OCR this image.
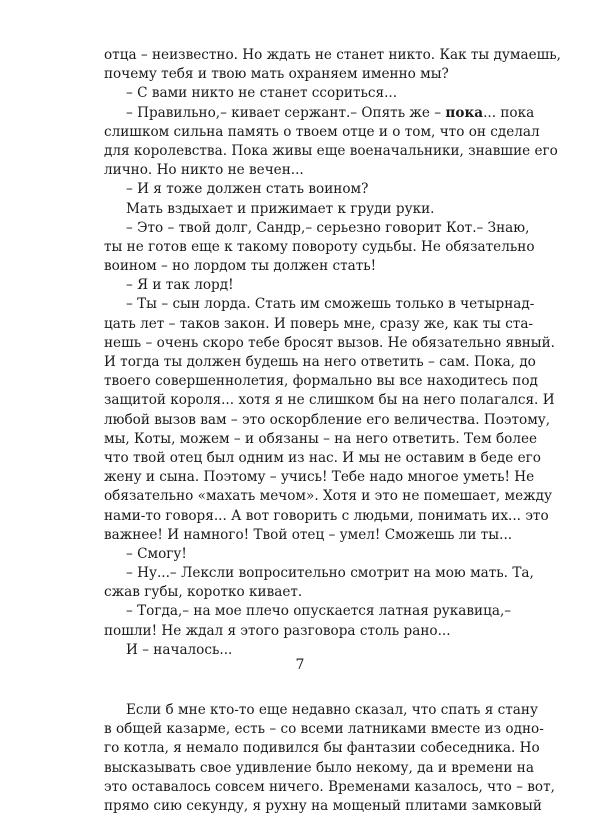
отца – неизвестно. Но ждать не станет никто. Как ты думаешь,
почему тебя и твою мать охраняем именно мы?
– С вами никто не станет ссориться...
– Правильно,– кивает сержант.– Опять же – пока... пока
слишком сильна память о твоем отце и о том, что он сделал
для королевства. Пока живы еще военачальники, знавшие его
лично. Но никто не вечен...
– И я тоже должен стать воином?
Мать вздыхает и прижимает к груди руки.
– Это – твой долг, Сандр,– серьезно говорит Кот.– Знаю,
ты не готов еще к такому повороту судьбы. Не обязательно
воином – но лордом ты должен стать!
– Я и так лорд!
– Ты – сын лорда. Стать им сможешь только в четырнад-
цать лет – таков закон. И поверь мне, сразу же, как ты ста-
нешь – очень скоро тебе бросят вызов. Не обязательно явный.
И тогда ты должен будешь на него ответить – сам. Пока, до
твоего совершеннолетия, формально вы все находитесь под
защитой короля... хотя я не слишком бы на него полагался. И
любой вызов вам – это оскорбление его величества. Поэтому,
мы, Коты, можем – и обязаны – на него ответить. Тем более
что твой отец был одним из нас. И мы не оставим в беде его
жену и сына. Поэтому – учись! Тебе надо многое уметь! Не
обязательно «махать мечом». Хотя и это не помешает, между
нами-то говоря... А вот говорить с людьми, понимать их... это
важнее! И намного! Твой отец – умел! Сможешь ли ты...
– Смогу!
– Ну...– Лексли вопросительно смотрит на мою мать. Та,
сжав губы, коротко кивает.
– Тогда,– на мое плечо опускается латная рукавица,–
пошли! Не ждал я этого разговора столь рано...
И – началось...
Если б мне кто-то еще недавно сказал, что спать я стану
в общей казарме, есть – со всеми латниками вместе из одно-
го котла, я немало подивился бы фантазии собеседника. Но
высказывать свое удивление было некому, да и времени на
это оставалось совсем ничего. Временами казалось, что – вот,
прямо сию секунду, я рухну на мощеный плитами замковый
7
